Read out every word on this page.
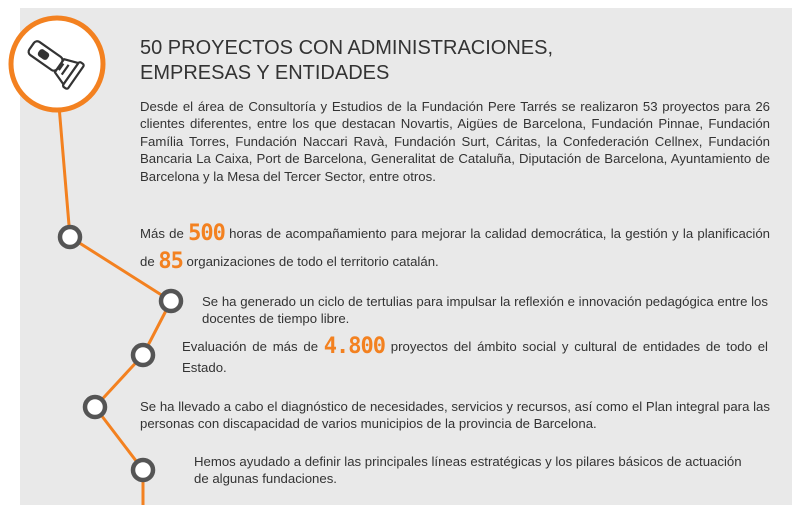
50 PROYECTOS CON ADMINISTRACIONES, EMPRESAS Y ENTIDADES

Desde el área de Consultoría y Estudios de la Fundación Pere Tarrés se realizaron 53 proyectos para 26 clientes diferentes, entre los que destacan Novartis, Aigües de Barcelona, Fundación Pinnae, Fundación Família Torres, Fundación Naccari Ravà, Fundación Surt, Cáritas, la Confederación Cellnex, Fundación Bancaria La Caixa, Port de Barcelona, Generalitat de Cataluña, Diputación de Barcelona, Ayuntamiento de Barcelona y la Mesa del Tercer Sector, entre otros.

Más de 500 horas de acompañamiento para mejorar la calidad democrática, la gestión y la planificación de 85 organizaciones de todo el territorio catalán.

Se ha generado un ciclo de tertulias para impulsar la reflexión e innovación pedagógica entre los docentes de tiempo libre.

Evaluación de más de 4.800 proyectos del ámbito social y cultural de entidades de todo el Estado.

Se ha llevado a cabo el diagnóstico de necesidades, servicios y recursos, así como el Plan integral para las personas con discapacidad de varios municipios de la provincia de Barcelona.

Hemos ayudado a definir las principales líneas estratégicas y los pilares básicos de actuación de algunas fundaciones.
